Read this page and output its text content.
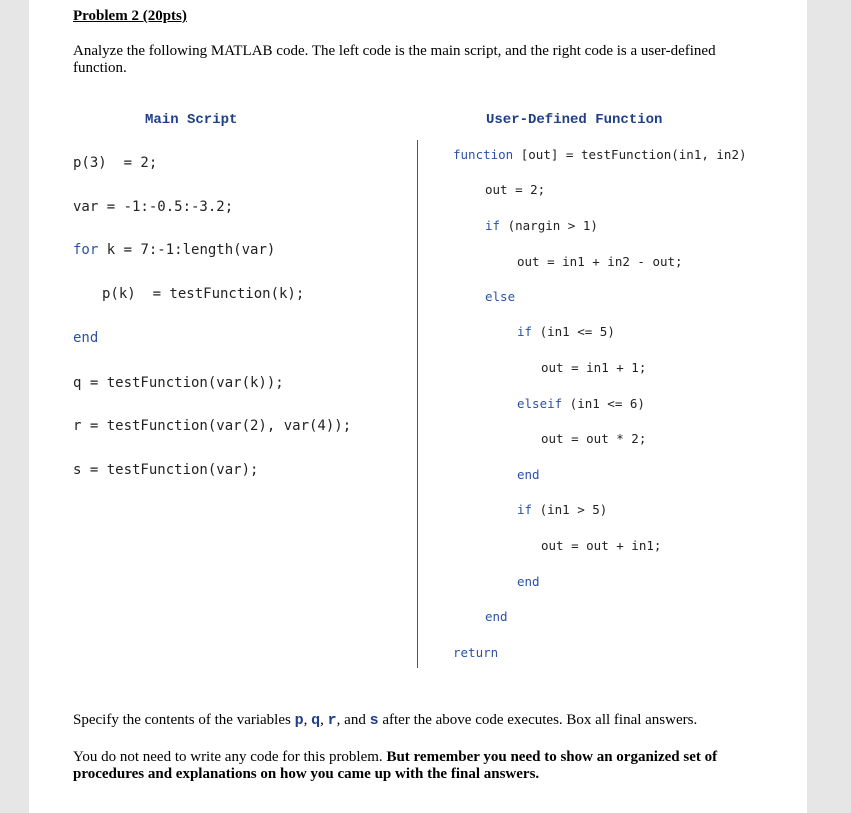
Problem 2 (20pts)
Analyze the following MATLAB code. The left code is the main script, and the right code is a user-defined function.
Main Script	User-Defined Function
p(3)  = 2;
var = -1:-0.5:-3.2;
for k = 7:-1:length(var)
p(k)  = testFunction(k);
end
q = testFunction(var(k));
r = testFunction(var(2), var(4));
s = testFunction(var);
function [out] = testFunction(in1, in2)
out = 2;
if (nargin > 1)
out = in1 + in2 - out;
else
if (in1 <= 5)
out = in1 + 1;
elseif (in1 <= 6)
out = out * 2;
end
if (in1 > 5)
out = out + in1;
end
end
return
Specify the contents of the variables p, q, r, and s after the above code executes. Box all final answers.
You do not need to write any code for this problem. But remember you need to show an organized set of procedures and explanations on how you came up with the final answers.
